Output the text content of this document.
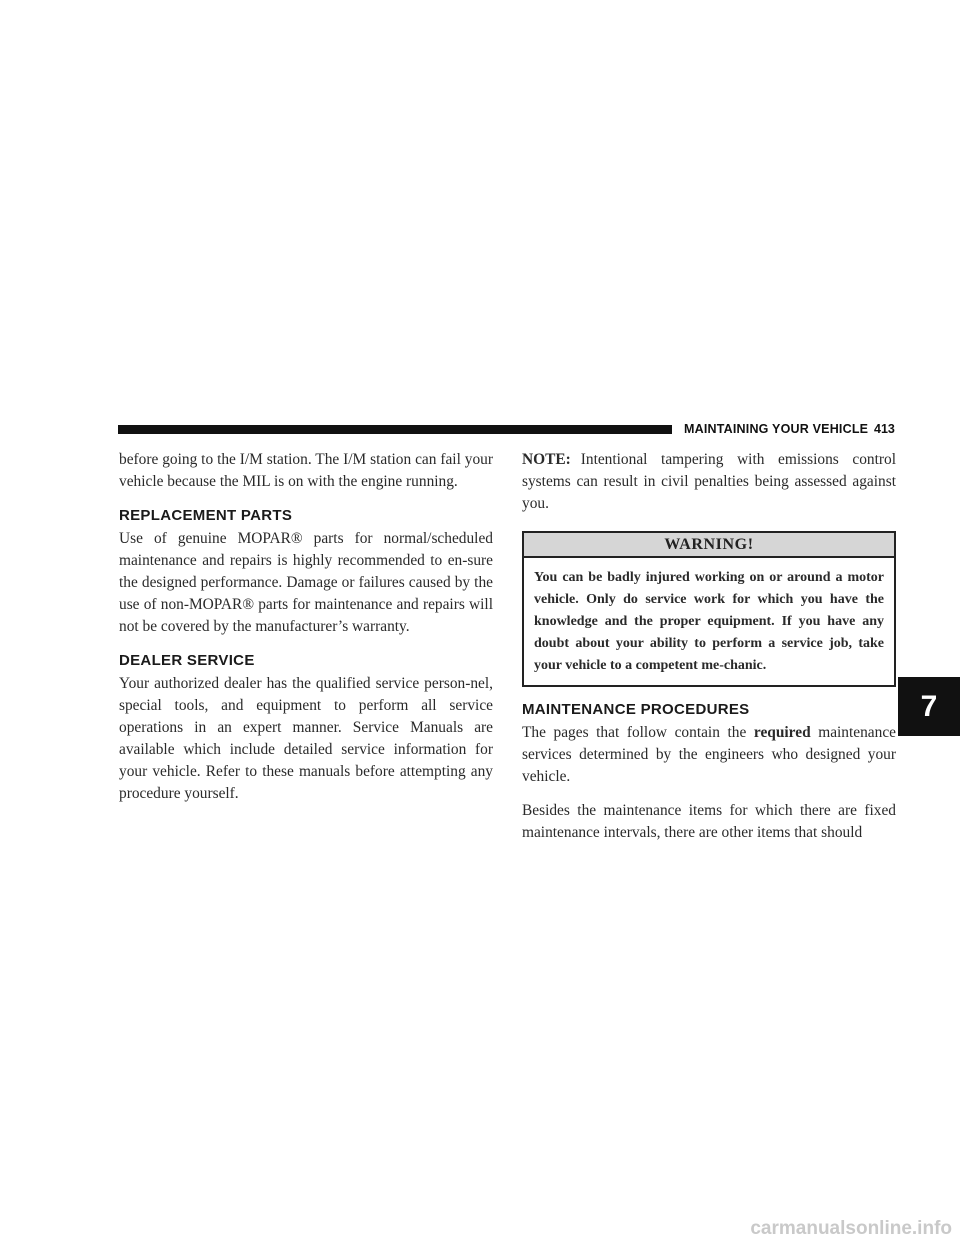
MAINTAINING YOUR VEHICLE 413

before going to the I/M station. The I/M station can fail your vehicle because the MIL is on with the engine running.

REPLACEMENT PARTS

Use of genuine MOPAR® parts for normal/scheduled maintenance and repairs is highly recommended to en-sure the designed performance. Damage or failures caused by the use of non-MOPAR® parts for maintenance and repairs will not be covered by the manufacturer’s warranty.

DEALER SERVICE

Your authorized dealer has the qualified service person-nel, special tools, and equipment to perform all service operations in an expert manner. Service Manuals are available which include detailed service information for your vehicle. Refer to these manuals before attempting any procedure yourself.

NOTE: Intentional tampering with emissions control systems can result in civil penalties being assessed against you.

WARNING!
You can be badly injured working on or around a motor vehicle. Only do service work for which you have the knowledge and the proper equipment. If you have any doubt about your ability to perform a service job, take your vehicle to a competent me-chanic.
MAINTENANCE PROCEDURES

The pages that follow contain the required maintenance services determined by the engineers who designed your vehicle.

Besides the maintenance items for which there are fixed maintenance intervals, there are other items that should

7
carmanualsonline.info
